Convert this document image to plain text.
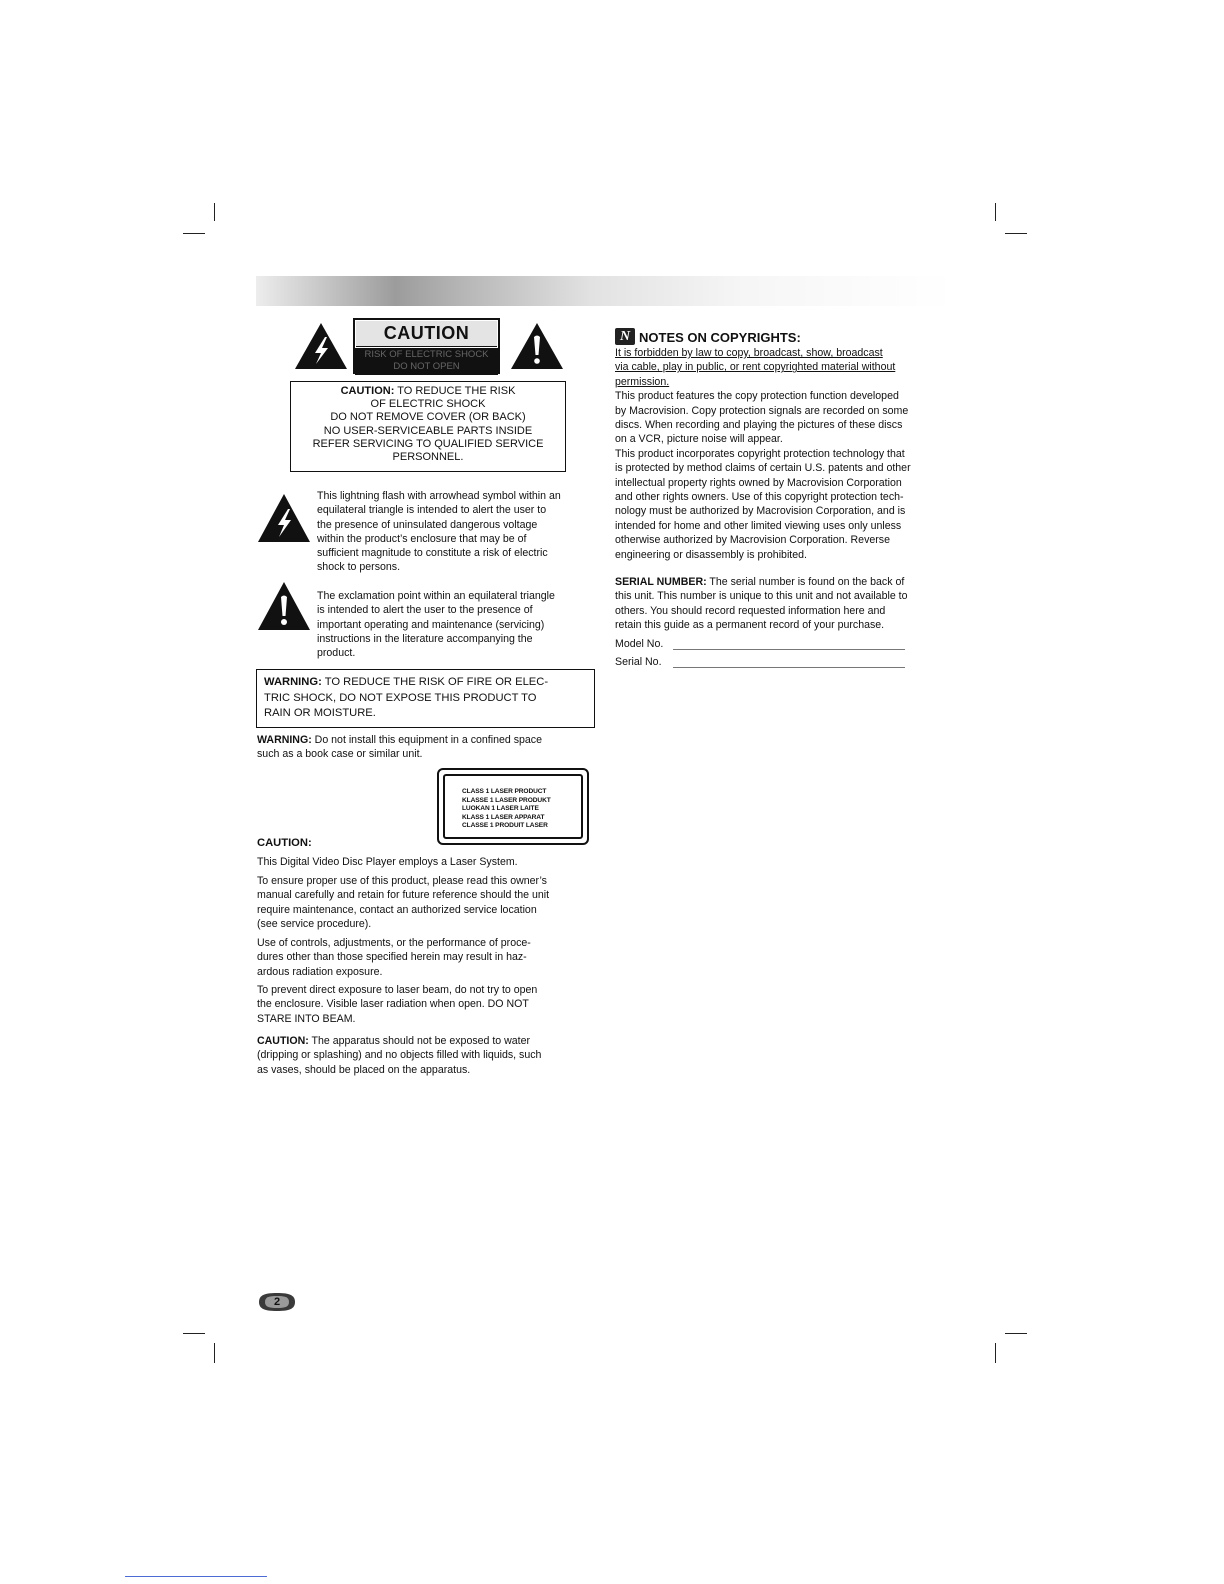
CAUTION
RISK OF ELECTRIC SHOCK
DO NOT OPEN
CAUTION: TO REDUCE THE RISK
OF ELECTRIC SHOCK
DO NOT REMOVE COVER (OR BACK)
NO USER-SERVICEABLE PARTS INSIDE
REFER SERVICING TO QUALIFIED SERVICE
PERSONNEL.
This lightning flash with arrowhead symbol within an
equilateral triangle is intended to alert the user to
the presence of uninsulated dangerous voltage
within the product’s enclosure that may be of
sufficient magnitude to constitute a risk of electric
shock to persons.
The exclamation point within an equilateral triangle
is intended to alert the user to the presence of
important operating and maintenance (servicing)
instructions in the literature accompanying the
product.
WARNING: TO REDUCE THE RISK OF FIRE OR ELEC-
TRIC SHOCK, DO NOT EXPOSE THIS PRODUCT TO
RAIN OR MOISTURE.
WARNING: Do not install this equipment in a confined space
such as a book case or similar unit.
CLASS 1 LASER PRODUCT
KLASSE 1 LASER PRODUKT
LUOKAN 1 LASER LAITE
KLASS 1 LASER APPARAT
CLASSE 1 PRODUIT LASER
CAUTION:
This Digital Video Disc Player employs a Laser System.
To ensure proper use of this product, please read this owner’s
manual carefully and retain for future reference should the unit
require maintenance, contact an authorized service location
(see service procedure).
Use of controls, adjustments, or the performance of proce-
dures other than those specified herein may result in haz-
ardous radiation exposure.
To prevent direct exposure to laser beam, do not try to open
the enclosure. Visible laser radiation when open. DO NOT
STARE INTO BEAM.
CAUTION: The apparatus should not be exposed to water
(dripping or splashing) and no objects filled with liquids, such
as vases, should be placed on the apparatus.
N NOTES ON COPYRIGHTS:
It is forbidden by law to copy, broadcast, show, broadcast
via cable, play in public, or rent copyrighted material without
permission.
This product features the copy protection function developed
by Macrovision. Copy protection signals are recorded on some
discs. When recording and playing the pictures of these discs
on a VCR, picture noise will appear.
This product incorporates copyright protection technology that
is protected by method claims of certain U.S. patents and other
intellectual property rights owned by Macrovision Corporation
and other rights owners. Use of this copyright protection tech-
nology must be authorized by Macrovision Corporation, and is
intended for home and other limited viewing uses only unless
otherwise authorized by Macrovision Corporation. Reverse
engineering or disassembly is prohibited.
SERIAL NUMBER: The serial number is found on the back of
this unit. This number is unique to this unit and not available to
others. You should record requested information here and
retain this guide as a permanent record of your purchase.
Model No.
Serial No.
2
